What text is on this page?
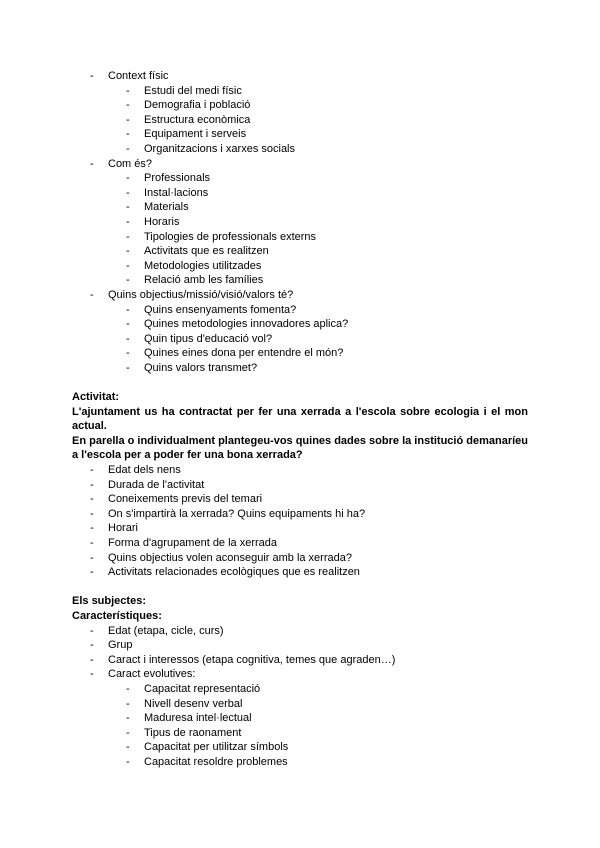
- Context físic
- Estudi del medi físic
- Demografia i població
- Estructura econòmica
- Equipament i serveis
- Organitzacions i xarxes socials
- Com és?
- Professionals
- Instal·lacions
- Materials
- Horaris
- Tipologies de professionals externs
- Activitats que es realitzen
- Metodologies utilitzades
- Relació amb les famílies
- Quins objectius/missió/visió/valors té?
- Quins ensenyaments fomenta?
- Quines metodologies innovadores aplica?
- Quin tipus d'educació vol?
- Quines eines dona per entendre el món?
- Quins valors transmet?
Activitat:
L'ajuntament us ha contractat per fer una xerrada a l'escola sobre ecologia i el mon actual.
En parella o individualment plantegeu-vos quines dades sobre la institució demanaríeu a l'escola per a poder fer una bona xerrada?
- Edat dels nens
- Durada de l'activitat
- Coneixements previs del temari
- On s'impartirà la xerrada? Quins equipaments hi ha?
- Horari
- Forma d'agrupament de la xerrada
- Quins objectius volen aconseguir amb la xerrada?
- Activitats relacionades ecològiques que es realitzen
Els subjectes:
Característiques:
- Edat (etapa, cicle, curs)
- Grup
- Caract i interessos (etapa cognitiva, temes que agraden…)
- Caract evolutives:
- Capacitat representació
- Nivell desenv verbal
- Maduresa intel·lectual
- Tipus de raonament
- Capacitat per utilitzar símbols
- Capacitat resoldre problemes
